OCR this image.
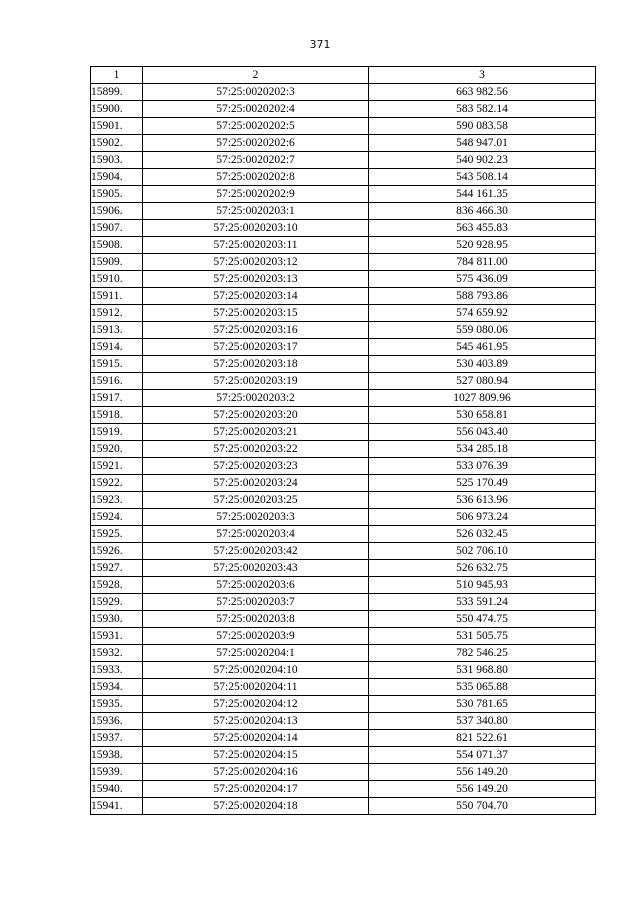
371
1	2	3
15899.	57:25:0020202:3	663 982.56
15900.	57:25:0020202:4	583 582.14
15901.	57:25:0020202:5	590 083.58
15902.	57:25:0020202:6	548 947.01
15903.	57:25:0020202:7	540 902.23
15904.	57:25:0020202:8	543 508.14
15905.	57:25:0020202:9	544 161.35
15906.	57:25:0020203:1	836 466.30
15907.	57:25:0020203:10	563 455.83
15908.	57:25:0020203:11	520 928.95
15909.	57:25:0020203:12	784 811.00
15910.	57:25:0020203:13	575 436.09
15911.	57:25:0020203:14	588 793.86
15912.	57:25:0020203:15	574 659.92
15913.	57:25:0020203:16	559 080.06
15914.	57:25:0020203:17	545 461.95
15915.	57:25:0020203:18	530 403.89
15916.	57:25:0020203:19	527 080.94
15917.	57:25:0020203:2	1027 809.96
15918.	57:25:0020203:20	530 658.81
15919.	57:25:0020203:21	556 043.40
15920.	57:25:0020203:22	534 285.18
15921.	57:25:0020203:23	533 076.39
15922.	57:25:0020203:24	525 170.49
15923.	57:25:0020203:25	536 613.96
15924.	57:25:0020203:3	506 973.24
15925.	57:25:0020203:4	526 032.45
15926.	57:25:0020203:42	502 706.10
15927.	57:25:0020203:43	526 632.75
15928.	57:25:0020203:6	510 945.93
15929.	57:25:0020203:7	533 591.24
15930.	57:25:0020203:8	550 474.75
15931.	57:25:0020203:9	531 505.75
15932.	57:25:0020204:1	782 546.25
15933.	57:25:0020204:10	531 968.80
15934.	57:25:0020204:11	535 065.88
15935.	57:25:0020204:12	530 781.65
15936.	57:25:0020204:13	537 340.80
15937.	57:25:0020204:14	821 522.61
15938.	57:25:0020204:15	554 071.37
15939.	57:25:0020204:16	556 149.20
15940.	57:25:0020204:17	556 149.20
15941.	57:25:0020204:18	550 704.70
